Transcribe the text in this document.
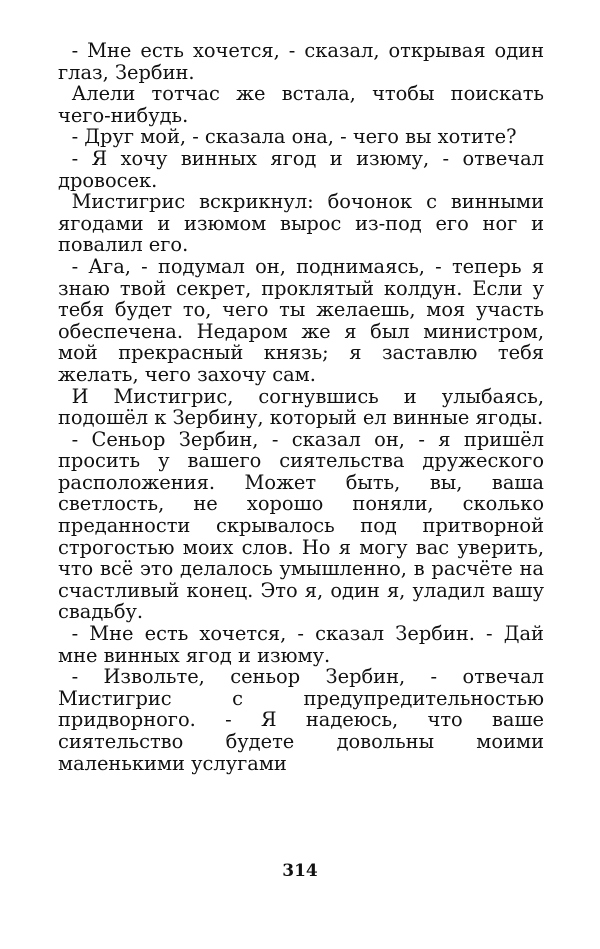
- Мне есть хочется, - сказал, открывая один глаз, Зербин.

Алели тотчас же встала, чтобы поискать чего-нибудь.

- Друг мой, - сказала она, - чего вы хотите?

- Я хочу винных ягод и изюму, - отвечал дровосек.

Мистигрис вскрикнул: бочонок с винными ягодами и изюмом вырос из-под его ног и повалил его.

- Ага, - подумал он, поднимаясь, - теперь я знаю твой секрет, проклятый колдун. Если у тебя будет то, чего ты желаешь, моя участь обеспечена. Недаром же я был министром, мой прекрасный князь; я заставлю тебя желать, чего захочу сам.

И Мистигрис, согнувшись и улыбаясь, подошёл к Зербину, который ел винные ягоды.

- Сеньор Зербин, - сказал он, - я пришёл просить у вашего сиятельства дружеского расположения. Может быть, вы, ваша светлость, не хорошо поняли, сколько преданности скрывалось под притворной строгостью моих слов. Но я могу вас уверить, что всё это делалось умышленно, в расчёте на счастливый конец. Это я, один я, уладил вашу свадьбу.

- Мне есть хочется, - сказал Зербин. - Дай мне винных ягод и изюму.

- Извольте, сеньор Зербин, - отвечал Мистигрис с предупредительностью придворного. - Я надеюсь, что ваше сиятельство будете довольны моими маленькими услугами

314
